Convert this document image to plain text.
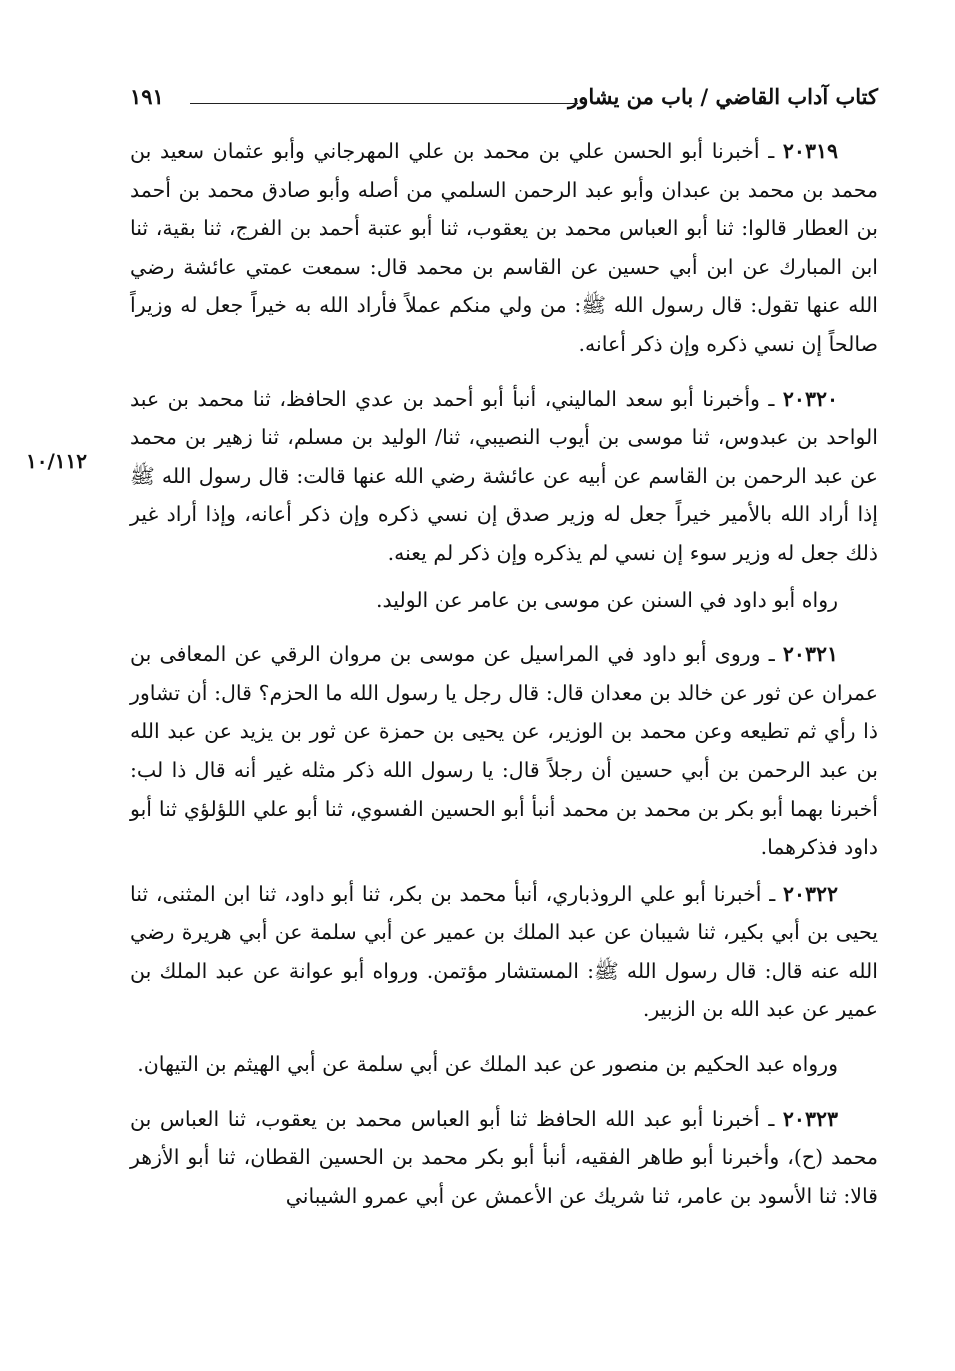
كتاب آداب القاضي / باب من يشاور
١٩١
١٠/١١٢

٢٠٣١٩ ـ أخبرنا أبو الحسن علي بن محمد بن علي المهرجاني وأبو عثمان سعيد بن محمد بن محمد بن عبدان وأبو عبد الرحمن السلمي من أصله وأبو صادق محمد بن أحمد بن العطار قالوا: ثنا أبو العباس محمد بن يعقوب، ثنا أبو عتبة أحمد بن الفرج، ثنا بقية، ثنا ابن المبارك عن ابن أبي حسين عن القاسم بن محمد قال: سمعت عمتي عائشة رضي الله عنها تقول: قال رسول الله ﷺ: من ولي منكم عملاً فأراد الله به خيراً جعل له وزيراً صالحاً إن نسي ذكره وإن ذكر أعانه.

٢٠٣٢٠ ـ وأخبرنا أبو سعد الماليني، أنبأ أبو أحمد بن عدي الحافظ، ثنا محمد بن عبد الواحد بن عبدوس، ثنا موسى بن أيوب النصيبي، ثنا/ الوليد بن مسلم، ثنا زهير بن محمد عن عبد الرحمن بن القاسم عن أبيه عن عائشة رضي الله عنها قالت: قال رسول الله ﷺ إذا أراد الله بالأمير خيراً جعل له وزير صدق إن نسي ذكره وإن ذكر أعانه، وإذا أراد غير ذلك جعل له وزير سوء إن نسي لم يذكره وإن ذكر لم يعنه.

رواه أبو داود في السنن عن موسى بن عامر عن الوليد.

٢٠٣٢١ ـ وروى أبو داود في المراسيل عن موسى بن مروان الرقي عن المعافى بن عمران عن ثور عن خالد بن معدان قال: قال رجل يا رسول الله ما الحزم؟ قال: أن تشاور ذا رأي ثم تطيعه وعن محمد بن الوزير، عن يحيى بن حمزة عن ثور بن يزيد عن عبد الله بن عبد الرحمن بن أبي حسين أن رجلاً قال: يا رسول الله ذكر مثله غير أنه قال ذا لب: أخبرنا بهما أبو بكر بن محمد بن محمد أنبأ أبو الحسين الفسوي، ثنا أبو علي اللؤلؤي ثنا أبو داود فذكرهما.

٢٠٣٢٢ ـ أخبرنا أبو علي الروذباري، أنبأ محمد بن بكر، ثنا أبو داود، ثنا ابن المثنى، ثنا يحيى بن أبي بكير، ثنا شيبان عن عبد الملك بن عمير عن أبي سلمة عن أبي هريرة رضي الله عنه قال: قال رسول الله ﷺ: المستشار مؤتمن. ورواه أبو عوانة عن عبد الملك بن عمير عن عبد الله بن الزبير.

ورواه عبد الحكيم بن منصور عن عبد الملك عن أبي سلمة عن أبي الهيثم بن التيهان.

٢٠٣٢٣ ـ أخبرنا أبو عبد الله الحافظ ثنا أبو العباس محمد بن يعقوب، ثنا العباس بن محمد (ح)، وأخبرنا أبو طاهر الفقيه، أنبأ أبو بكر محمد بن الحسين القطان، ثنا أبو الأزهر قالا: ثنا الأسود بن عامر، ثنا شريك عن الأعمش عن أبي عمرو الشيباني
